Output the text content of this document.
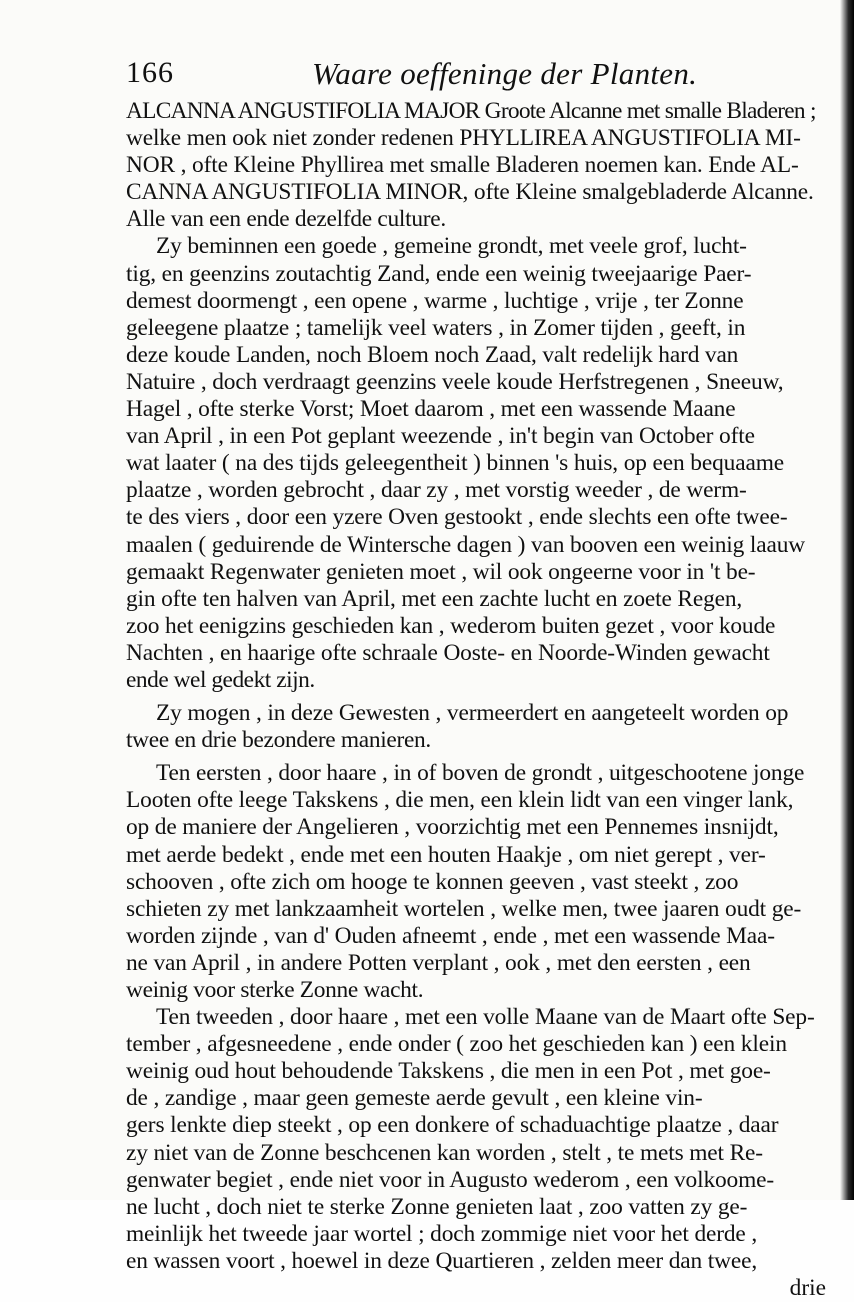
166	Waare oeffeninge der Planten.
ALCANNA ANGUSTIFOLIA MAJOR Groote Alcanne met smalle Bladeren ;
welke men ook niet zonder redenen PHYLLIREA ANGUSTIFOLIA MI-
NOR , ofte Kleine Phyllirea met smalle Bladeren noemen kan. Ende AL-
CANNA ANGUSTIFOLIA MINOR, ofte Kleine smalgebladerde Alcanne.
Alle van een ende dezelfde culture.
Zy beminnen een goede , gemeine grondt, met veele grof, lucht-
tig, en geenzins zoutachtig Zand, ende een weinig tweejaarige Paer-
demest doormengt , een opene , warme , luchtige , vrije , ter Zonne
geleegene plaatze ; tamelijk veel waters , in Zomer tijden , geeft, in
deze koude Landen, noch Bloem noch Zaad, valt redelijk hard van
Natuire , doch verdraagt geenzins veele koude Herfstregenen , Sneeuw,
Hagel , ofte sterke Vorst; Moet daarom , met een wassende Maane
van April , in een Pot geplant weezende , in't begin van October ofte
wat laater ( na des tijds geleegentheit ) binnen 's huis, op een bequaame
plaatze , worden gebrocht , daar zy , met vorstig weeder , de werm-
te des viers , door een yzere Oven gestookt , ende slechts een ofte twee-
maalen ( geduirende de Wintersche dagen ) van booven een weinig laauw
gemaakt Regenwater genieten moet , wil ook ongeerne voor in 't be-
gin ofte ten halven van April, met een zachte lucht en zoete Regen,
zoo het eenigzins geschieden kan , wederom buiten gezet , voor koude
Nachten , en haarige ofte schraale Ooste- en Noorde-Winden gewacht
ende wel gedekt zijn.
Zy mogen , in deze Gewesten , vermeerdert en aangeteelt worden op
twee en drie bezondere manieren.
Ten eersten , door haare , in of boven de grondt , uitgeschootene jonge
Looten ofte leege Takskens , die men, een klein lidt van een vinger lank,
op de maniere der Angelieren , voorzichtig met een Pennemes insnijdt,
met aerde bedekt , ende met een houten Haakje , om niet gerept , ver-
schooven , ofte zich om hooge te konnen geeven , vast steekt , zoo
schieten zy met lankzaamheit wortelen , welke men, twee jaaren oudt ge-
worden zijnde , van d' Ouden afneemt , ende , met een wassende Maa-
ne van April , in andere Potten verplant , ook , met den eersten , een
weinig voor sterke Zonne wacht.
Ten tweeden , door haare , met een volle Maane van de Maart ofte Sep-
tember , afgesneedene , ende onder ( zoo het geschieden kan ) een klein
weinig oud hout behoudende Takskens , die men in een Pot , met goe-
de , zandige , maar geen gemeste aerde gevult , een kleine vin-
gers lenkte diep steekt , op een donkere of schaduachtige plaatze , daar
zy niet van de Zonne beschcenen kan worden , stelt , te mets met Re-
genwater begiet , ende niet voor in Augusto wederom , een volkoome-
ne lucht , doch niet te sterke Zonne genieten laat , zoo vatten zy ge-
meinlijk het tweede jaar wortel ; doch zommige niet voor het derde ,
en wassen voort , hoewel in deze Quartieren , zelden meer dan twee,
drie
